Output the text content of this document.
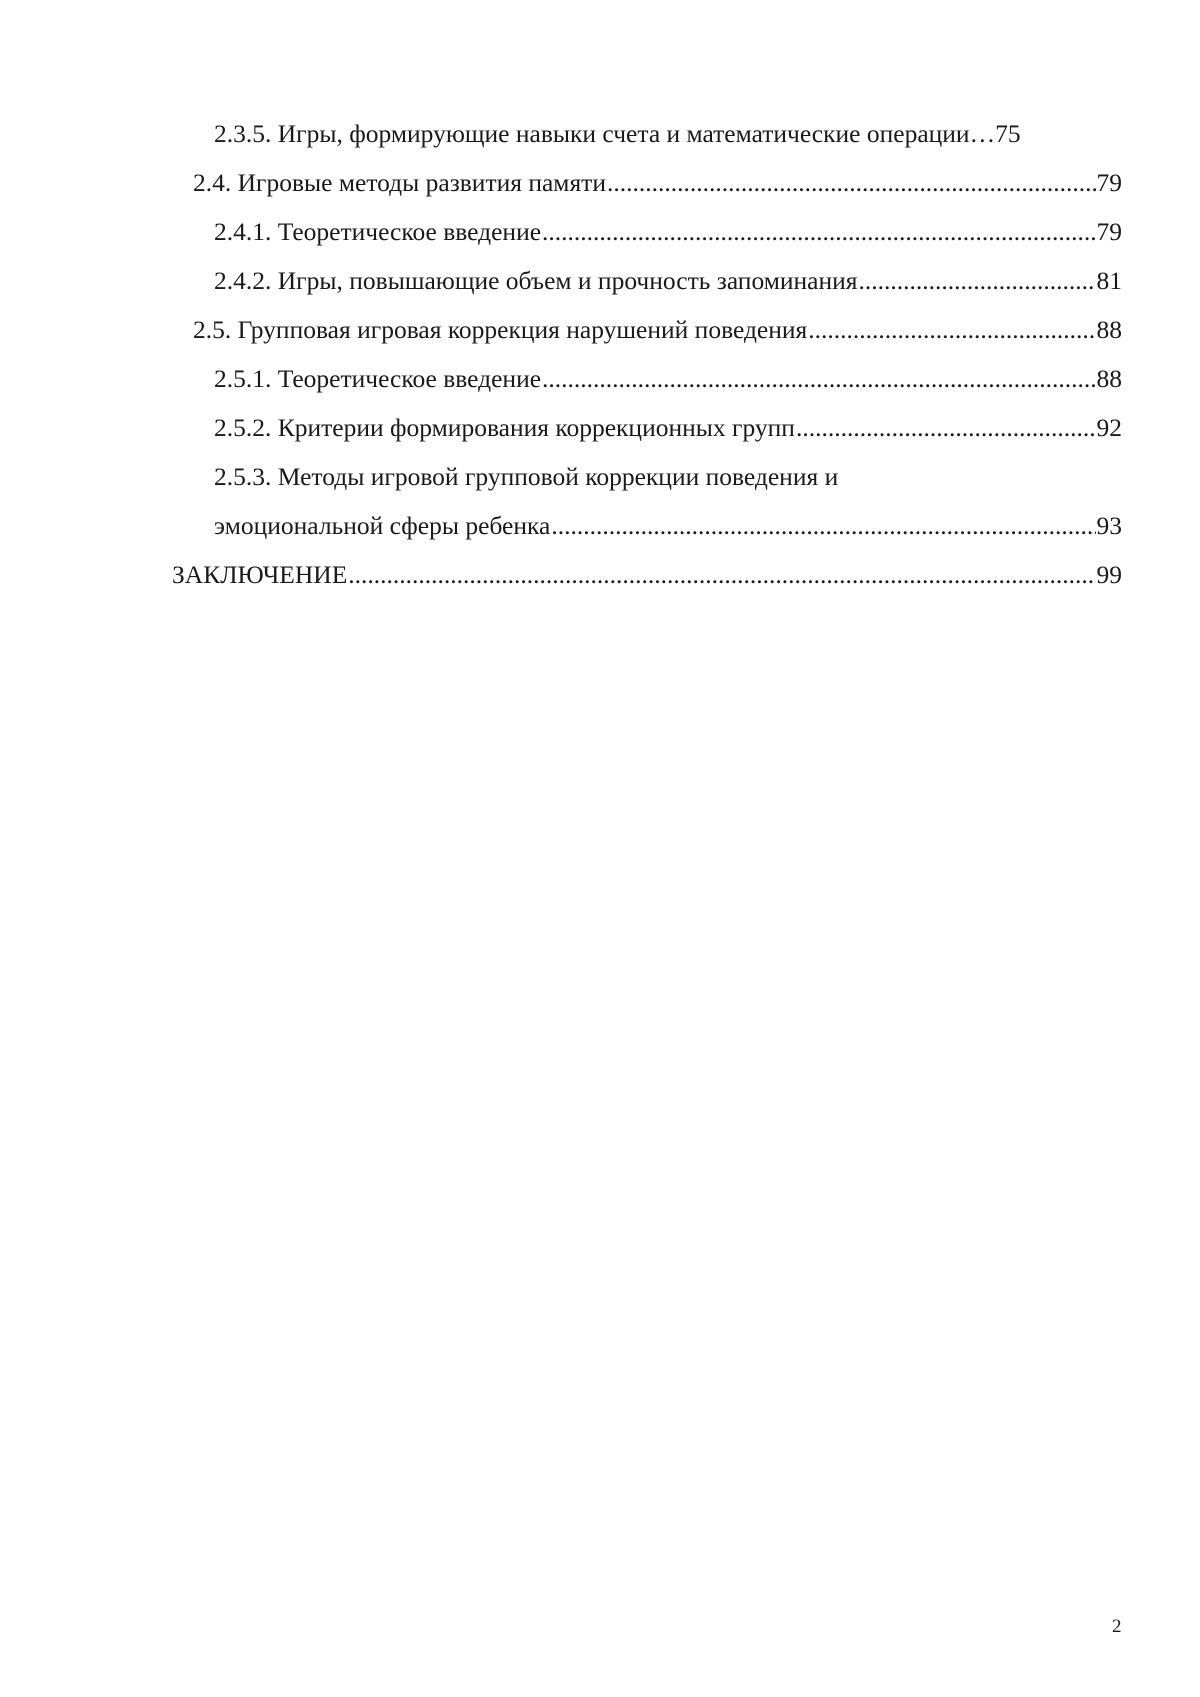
2.3.5. Игры, формирующие навыки счета и математические операции… 75
2.4. Игровые методы развития памяти .....	79
2.4.1. Теоретическое введение .....	79
2.4.2. Игры, повышающие объем и прочность запоминания .....	81
2.5. Групповая игровая коррекция нарушений поведения .....	88
2.5.1. Теоретическое введение .....	88
2.5.2. Критерии формирования коррекционных групп .....	92
2.5.3. Методы игровой групповой коррекции поведения и
эмоциональной сферы ребенка .....	93
ЗАКЛЮЧЕНИЕ .....	99
2
